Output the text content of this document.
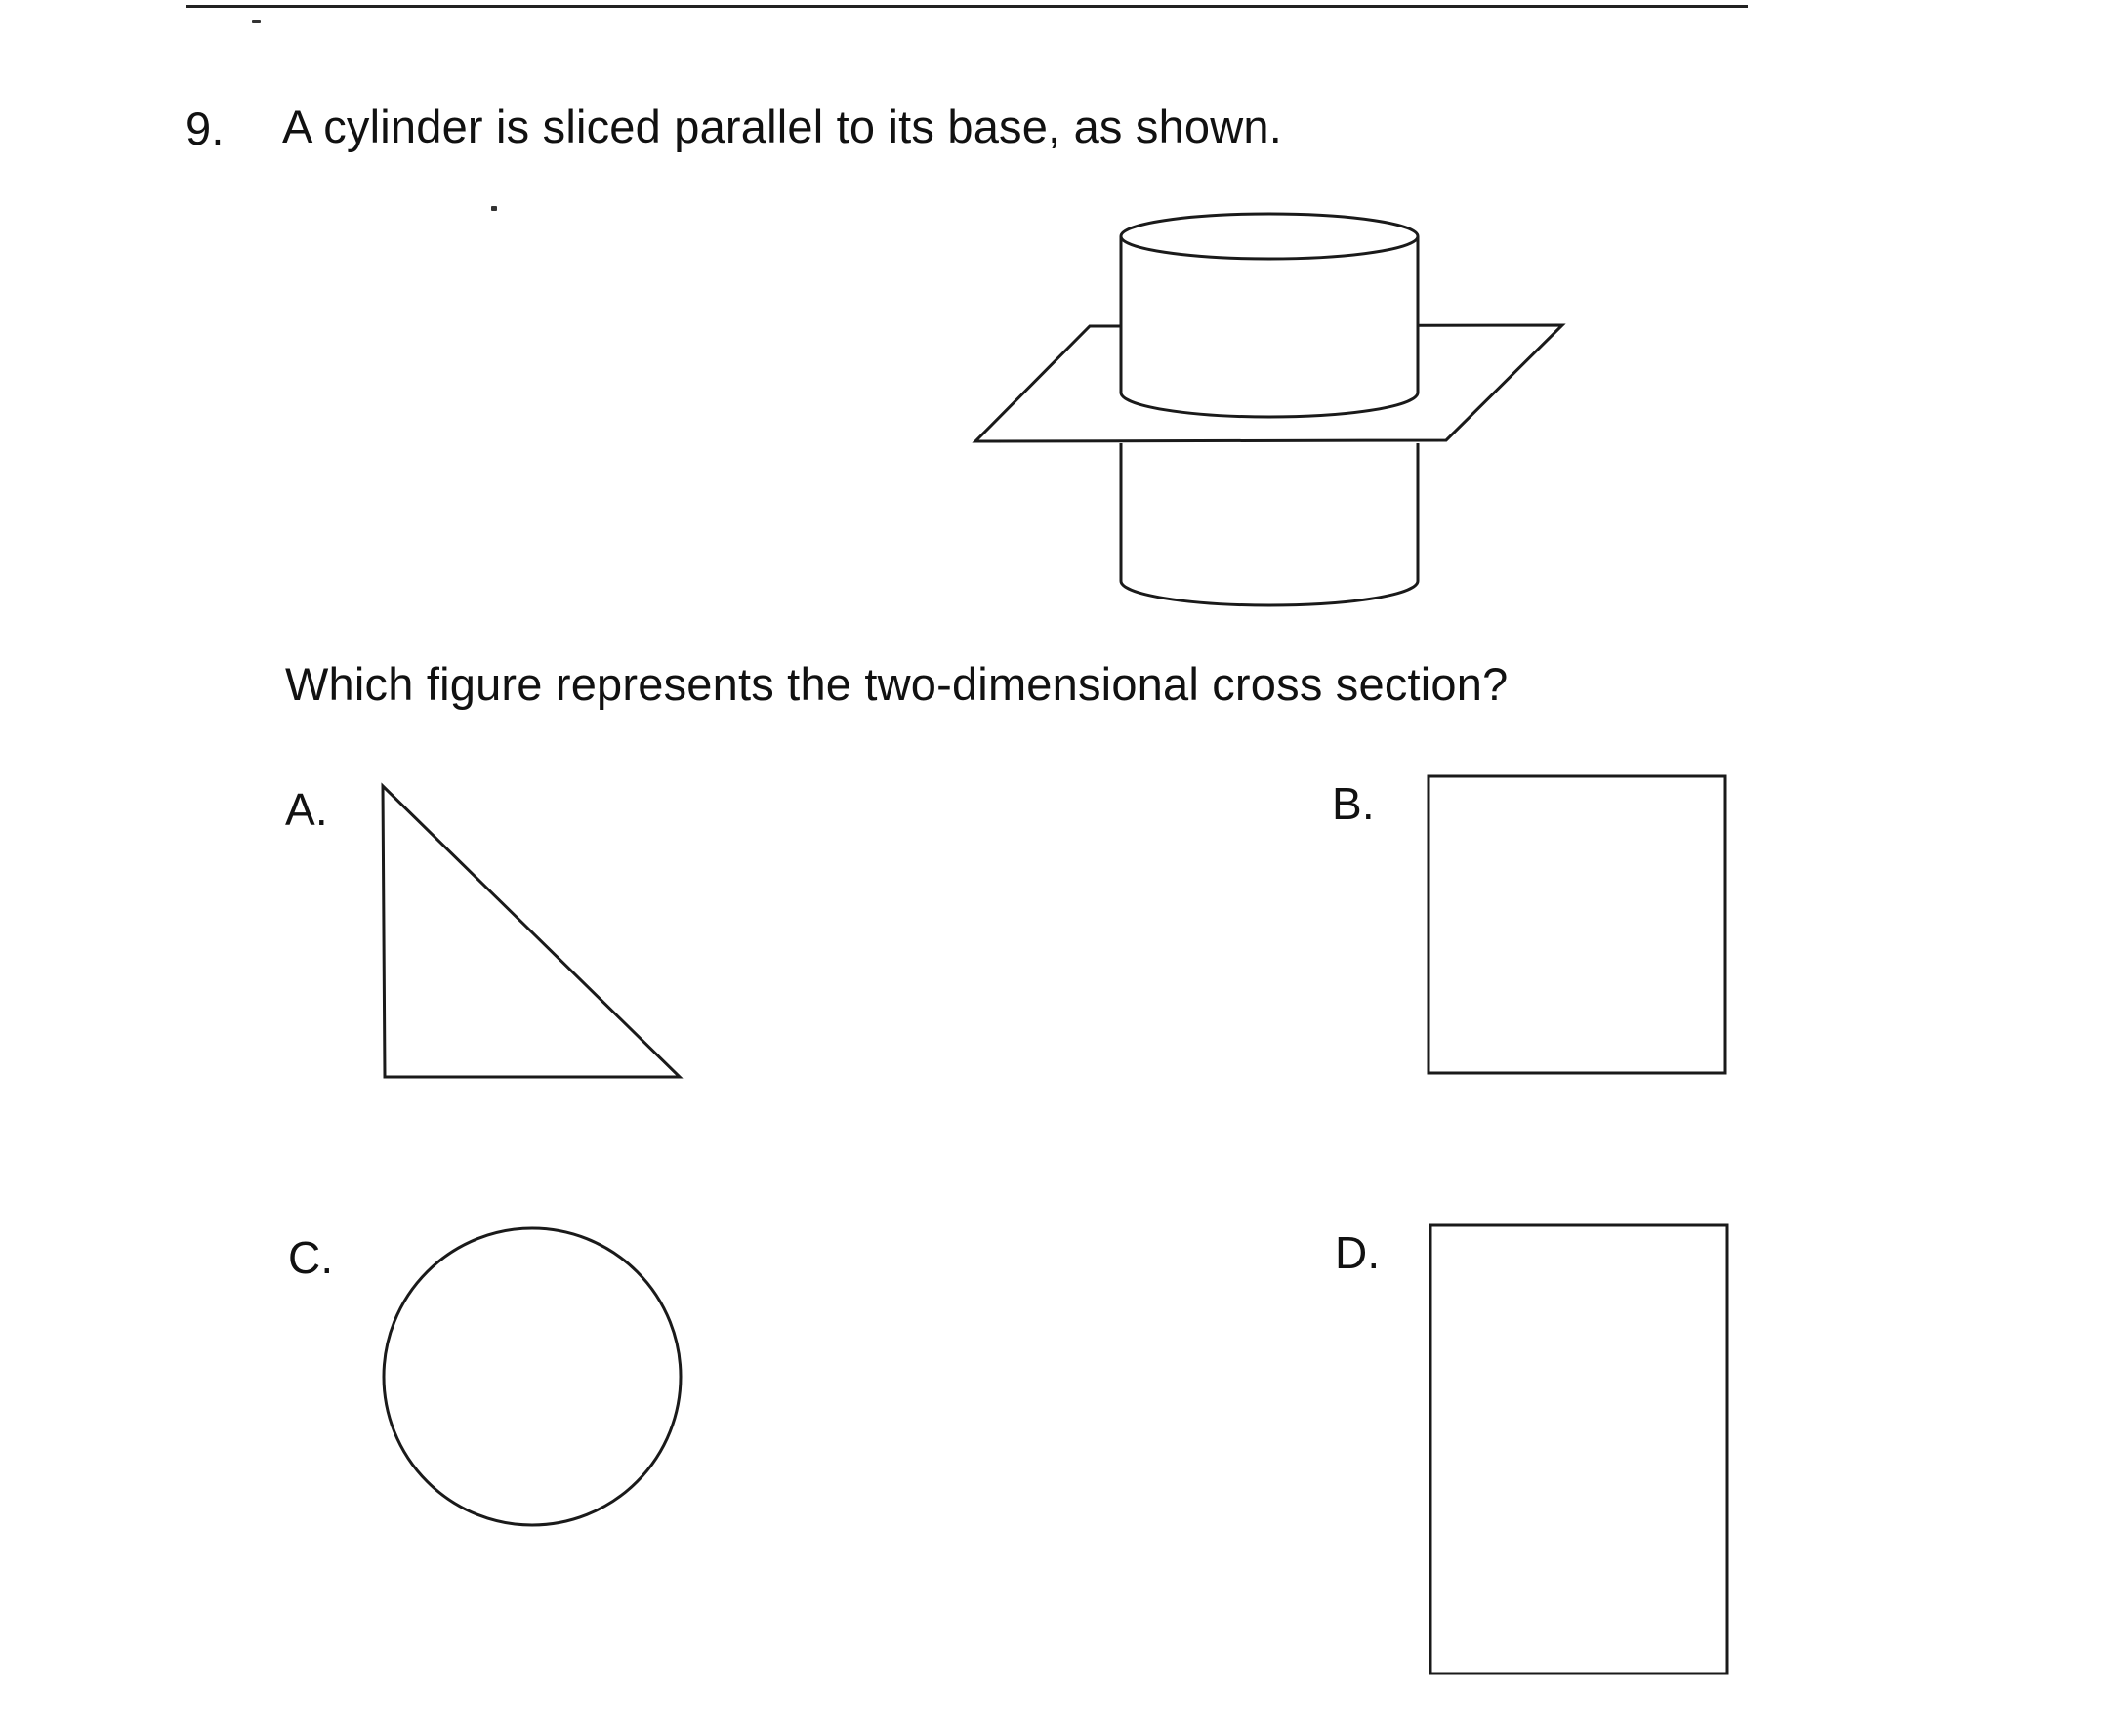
9. A cylinder is sliced parallel to its base, as shown.
Which figure represents the two-dimensional cross section?
A.	B.
C.	D.
